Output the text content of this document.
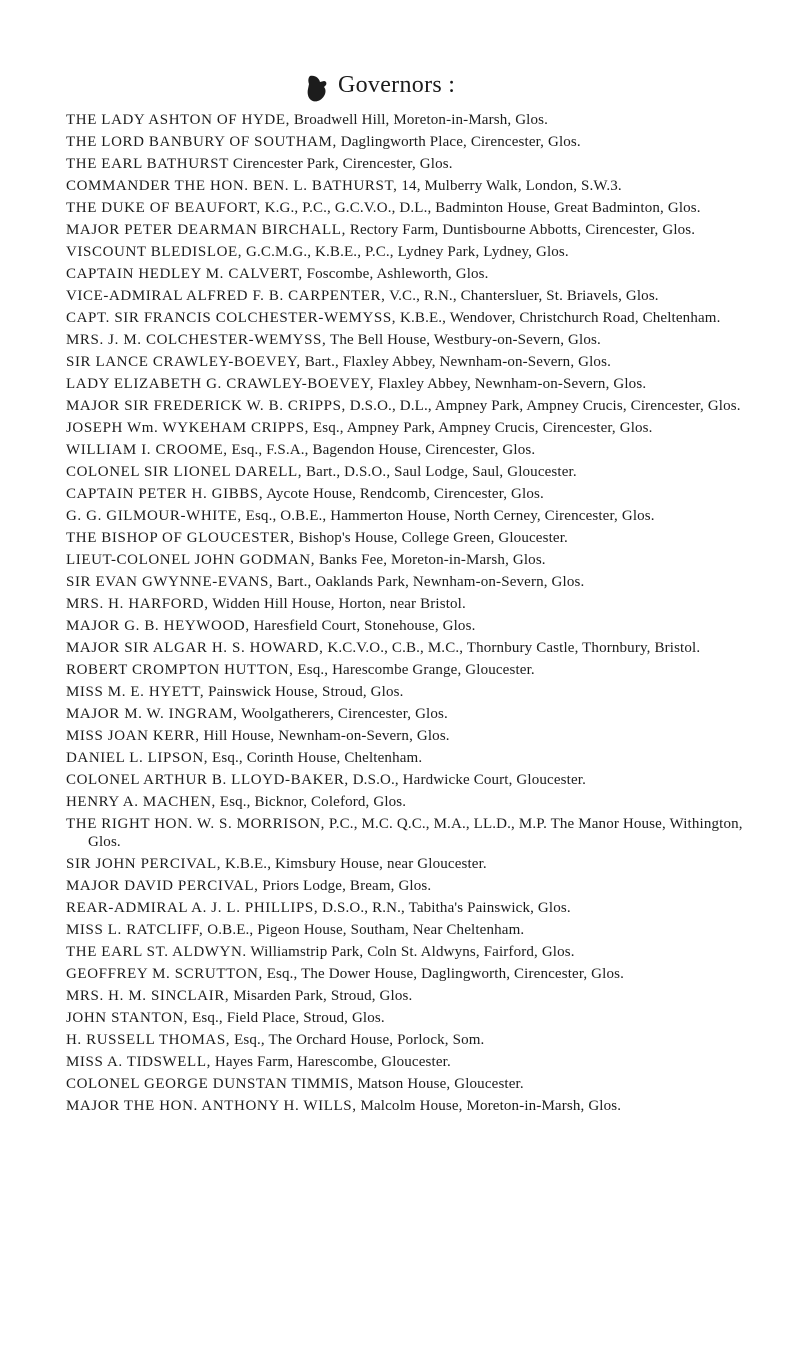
Governors :
THE LADY ASHTON OF HYDE, Broadwell Hill, Moreton-in-Marsh, Glos.
THE LORD BANBURY OF SOUTHAM, Daglingworth Place, Cirencester, Glos.
THE EARL BATHURST Cirencester Park, Cirencester, Glos.
COMMANDER THE HON. BEN. L. BATHURST, 14, Mulberry Walk, London, S.W.3.
THE DUKE OF BEAUFORT, K.G., P.C., G.C.V.O., D.L., Badminton House, Great Badminton, Glos.
MAJOR PETER DEARMAN BIRCHALL, Rectory Farm, Duntisbourne Abbotts, Cirencester, Glos.
VISCOUNT BLEDISLOE, G.C.M.G., K.B.E., P.C., Lydney Park, Lydney, Glos.
CAPTAIN HEDLEY M. CALVERT, Foscombe, Ashleworth, Glos.
VICE-ADMIRAL ALFRED F. B. CARPENTER, V.C., R.N., Chantersluer, St. Briavels, Glos.
CAPT. SIR FRANCIS COLCHESTER-WEMYSS, K.B.E., Wendover, Christchurch Road, Cheltenham.
MRS. J. M. COLCHESTER-WEMYSS, The Bell House, Westbury-on-Severn, Glos.
SIR LANCE CRAWLEY-BOEVEY, Bart., Flaxley Abbey, Newnham-on-Severn, Glos.
LADY ELIZABETH G. CRAWLEY-BOEVEY, Flaxley Abbey, Newnham-on-Severn, Glos.
MAJOR SIR FREDERICK W. B. CRIPPS, D.S.O., D.L., Ampney Park, Ampney Crucis, Cirencester, Glos.
JOSEPH Wm. WYKEHAM CRIPPS, Esq., Ampney Park, Ampney Crucis, Cirencester, Glos.
WILLIAM I. CROOME, Esq., F.S.A., Bagendon House, Cirencester, Glos.
COLONEL SIR LIONEL DARELL, Bart., D.S.O., Saul Lodge, Saul, Gloucester.
CAPTAIN PETER H. GIBBS, Aycote House, Rendcomb, Cirencester, Glos.
G. G. GILMOUR-WHITE, Esq., O.B.E., Hammerton House, North Cerney, Cirencester, Glos.
THE BISHOP OF GLOUCESTER, Bishop's House, College Green, Gloucester.
LIEUT-COLONEL JOHN GODMAN, Banks Fee, Moreton-in-Marsh, Glos.
SIR EVAN GWYNNE-EVANS, Bart., Oaklands Park, Newnham-on-Severn, Glos.
MRS. H. HARFORD, Widden Hill House, Horton, near Bristol.
MAJOR G. B. HEYWOOD, Haresfield Court, Stonehouse, Glos.
MAJOR SIR ALGAR H. S. HOWARD, K.C.V.O., C.B., M.C., Thornbury Castle, Thornbury, Bristol.
ROBERT CROMPTON HUTTON, Esq., Harescombe Grange, Gloucester.
MISS M. E. HYETT, Painswick House, Stroud, Glos.
MAJOR M. W. INGRAM, Woolgatherers, Cirencester, Glos.
MISS JOAN KERR, Hill House, Newnham-on-Severn, Glos.
DANIEL L. LIPSON, Esq., Corinth House, Cheltenham.
COLONEL ARTHUR B. LLOYD-BAKER, D.S.O., Hardwicke Court, Gloucester.
HENRY A. MACHEN, Esq., Bicknor, Coleford, Glos.
THE RIGHT HON. W. S. MORRISON, P.C., M.C. Q.C., M.A., LL.D., M.P. The Manor House, Withington, Glos.
SIR JOHN PERCIVAL, K.B.E., Kimsbury House, near Gloucester.
MAJOR DAVID PERCIVAL, Priors Lodge, Bream, Glos.
REAR-ADMIRAL A. J. L. PHILLIPS, D.S.O., R.N., Tabitha's Painswick, Glos.
MISS L. RATCLIFF, O.B.E., Pigeon House, Southam, Near Cheltenham.
THE EARL ST. ALDWYN. Williamstrip Park, Coln St. Aldwyns, Fairford, Glos.
GEOFFREY M. SCRUTTON, Esq., The Dower House, Daglingworth, Cirencester, Glos.
MRS. H. M. SINCLAIR, Misarden Park, Stroud, Glos.
JOHN STANTON, Esq., Field Place, Stroud, Glos.
H. RUSSELL THOMAS, Esq., The Orchard House, Porlock, Som.
MISS A. TIDSWELL, Hayes Farm, Harescombe, Gloucester.
COLONEL GEORGE DUNSTAN TIMMIS, Matson House, Gloucester.
MAJOR THE HON. ANTHONY H. WILLS, Malcolm House, Moreton-in-Marsh, Glos.
